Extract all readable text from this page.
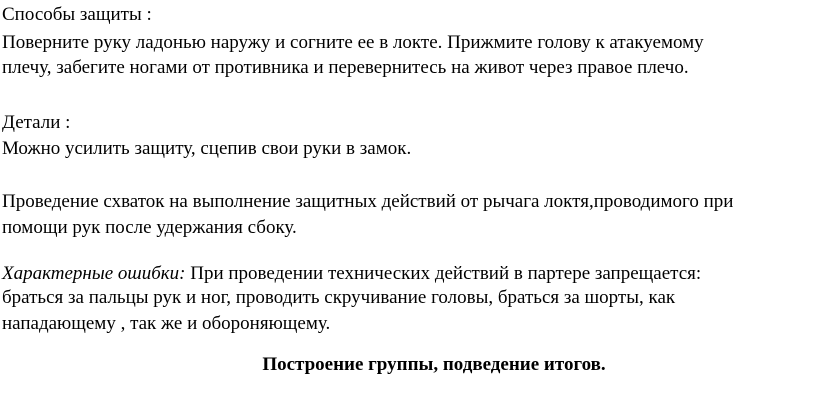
Способы защиты :
Поверните руку ладонью наружу и согните ее в локте. Прижмите голову к атакуемому
плечу, забегите ногами от противника и перевернитесь на живот через правое плечо.
Детали :
Можно усилить защиту, сцепив свои руки в замок.
Проведение схваток на выполнение защитных действий от рычага локтя,проводимого при
помощи рук после удержания сбоку.
Характерные ошибки: При проведении технических действий в партере запрещается:
браться за пальцы рук и ног, проводить скручивание головы, браться за шорты, как
нападающему , так же и обороняющему.
Построение группы, подведение итогов.
